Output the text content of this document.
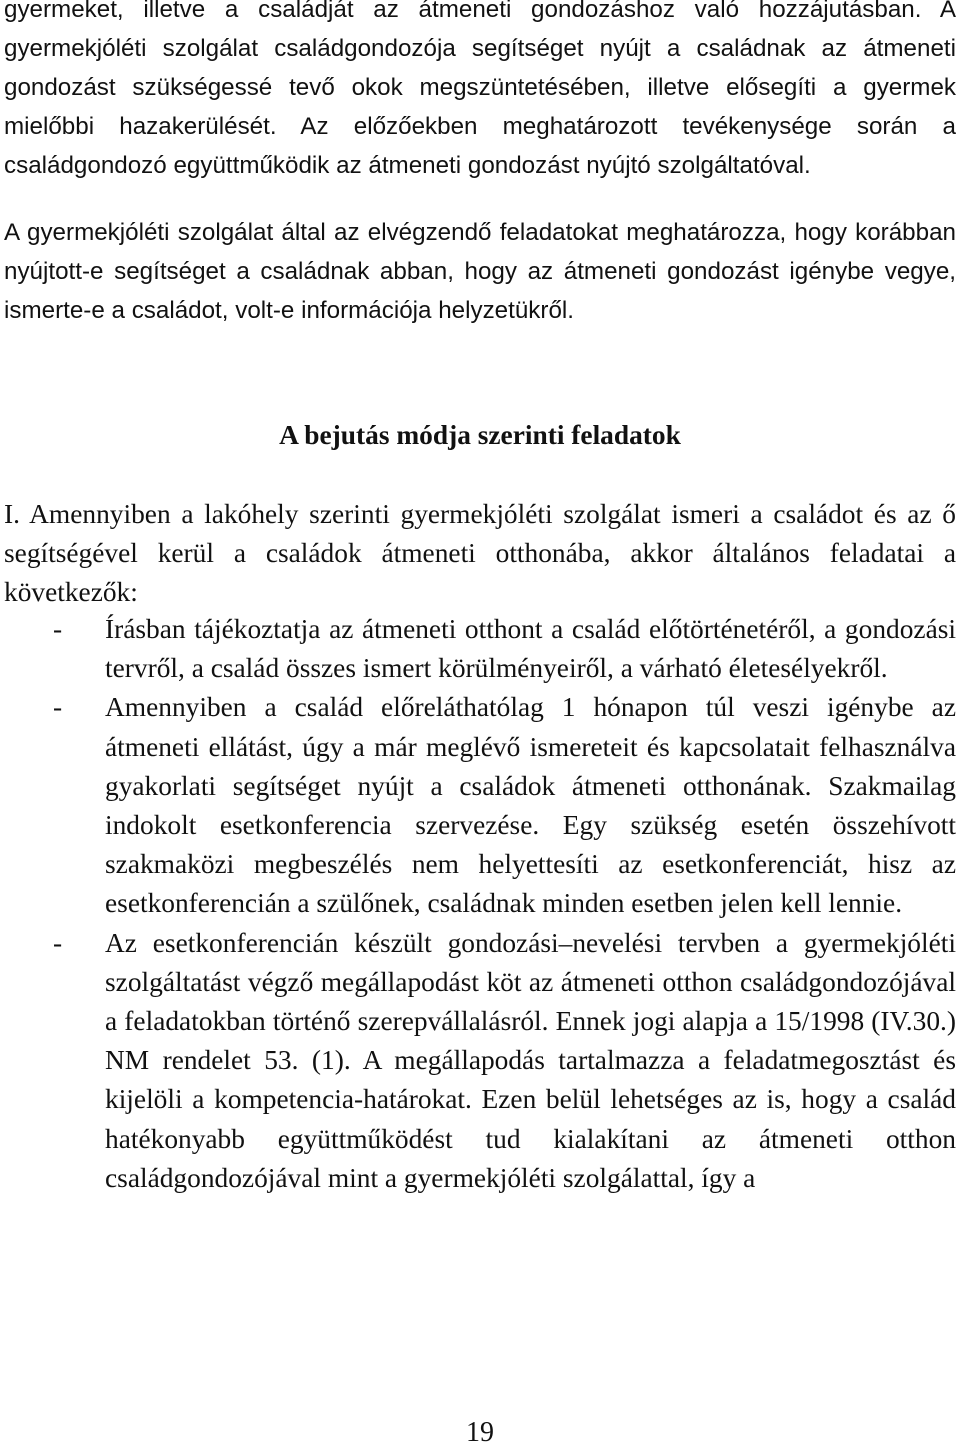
gyermeket, illetve a családját az átmeneti gondozáshoz való hozzájutásban. A gyermekjóléti szolgálat családgondozója segítséget nyújt a családnak az átmeneti gondozást szükségessé tevő okok megszüntetésében, illetve elősegíti a gyermek mielőbbi hazakerülését. Az előzőekben meghatározott tevékenysége során a családgondozó együttműködik az átmeneti gondozást nyújtó szolgáltatóval.

A gyermekjóléti szolgálat által az elvégzendő feladatokat meghatározza, hogy korábban nyújtott-e segítséget a családnak abban, hogy az átmeneti gondozást igénybe vegye, ismerte-e a családot, volt-e információja helyzetükről.

A bejutás módja szerinti feladatok

I. Amennyiben a lakóhely szerinti gyermekjóléti szolgálat ismeri a családot és az ő segítségével kerül a családok átmeneti otthonába, akkor általános feladatai a következők:

- Írásban tájékoztatja az átmeneti otthont a család előtörténetéről, a gondozási tervről, a család összes ismert körülményeiről, a várható életesélyekről.
- Amennyiben a család előreláthatólag 1 hónapon túl veszi igénybe az átmeneti ellátást, úgy a már meglévő ismereteit és kapcsolatait felhasználva gyakorlati segítséget nyújt a családok átmeneti otthonának. Szakmailag indokolt esetkonferencia szervezése. Egy szükség esetén összehívott szakmaközi megbeszélés nem helyettesíti az esetkonferenciát, hisz az esetkonferencián a szülőnek, családnak minden esetben jelen kell lennie.
- Az esetkonferencián készült gondozási–nevelési tervben a gyermekjóléti szolgáltatást végző megállapodást köt az átmeneti otthon családgondozójával a feladatokban történő szerepvállalásról. Ennek jogi alapja a 15/1998 (IV.30.) NM rendelet 53. (1). A megállapodás tartalmazza a feladatmegosztást és kijelöli a kompetencia-határokat. Ezen belül lehetséges az is, hogy a család hatékonyabb együttműködést tud kialakítani az átmeneti otthon családgondozójával mint a gyermekjóléti szolgálattal, így a
19
